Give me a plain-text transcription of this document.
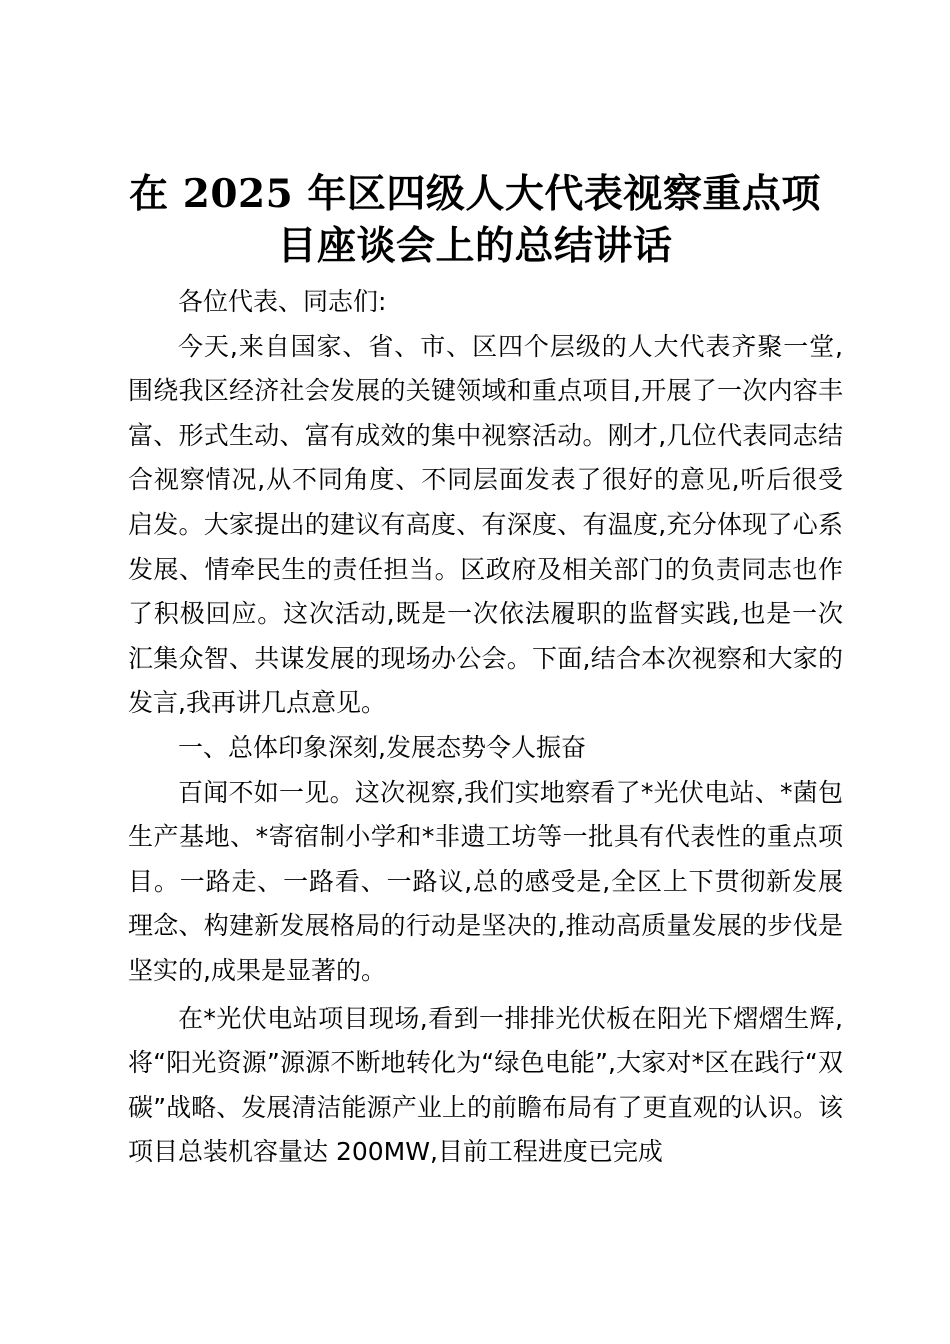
在 2025 年区四级人大代表视察重点项目座谈会上的总结讲话

各位代表、同志们:

今天,来自国家、省、市、区四个层级的人大代表齐聚一堂,围绕我区经济社会发展的关键领域和重点项目,开展了一次内容丰富、形式生动、富有成效的集中视察活动。刚才,几位代表同志结合视察情况,从不同角度、不同层面发表了很好的意见,听后很受启发。大家提出的建议有高度、有深度、有温度,充分体现了心系发展、情牵民生的责任担当。区政府及相关部门的负责同志也作了积极回应。这次活动,既是一次依法履职的监督实践,也是一次汇集众智、共谋发展的现场办公会。下面,结合本次视察和大家的发言,我再讲几点意见。

一、总体印象深刻,发展态势令人振奋

百闻不如一见。这次视察,我们实地察看了*光伏电站、*菌包生产基地、*寄宿制小学和*非遗工坊等一批具有代表性的重点项目。一路走、一路看、一路议,总的感受是,全区上下贯彻新发展理念、构建新发展格局的行动是坚决的,推动高质量发展的步伐是坚实的,成果是显著的。

在*光伏电站项目现场,看到一排排光伏板在阳光下熠熠生辉,将“阳光资源”源源不断地转化为“绿色电能”,大家对*区在践行“双碳”战略、发展清洁能源产业上的前瞻布局有了更直观的认识。该项目总装机容量达 200MW,目前工程进度已完成
